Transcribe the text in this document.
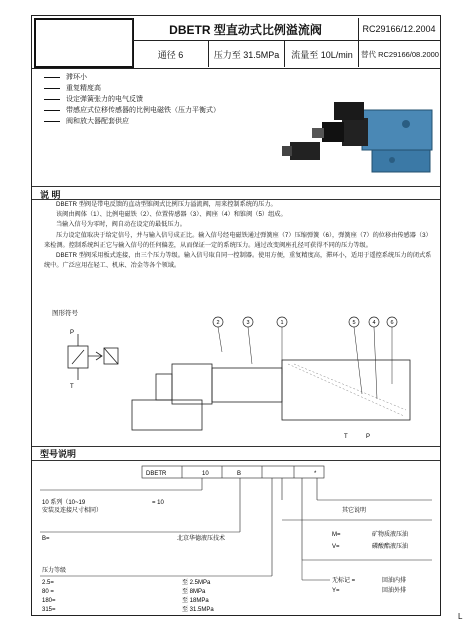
DBETR 型直动式比例溢流阀	RC29166/12.2004
通径 6	压力至 31.5MPa	流量至 10L/min	替代 RC29166/08.2000
滞环小
重复精度高
设定弹簧张力的电气反馈
带感应式位移传感器的比例电磁铁（压力平衡式）
阀和放大器配套供应
说 明

DBETR 型阀是带电反馈的直动型锥阀式比例压力溢流阀，用来控制系统的压力。

该阀由阀体（1）、比例电磁铁（2）、位置传感器（3）、阀座（4）和锥阀（5）组成。

当输入信号为零时，阀自动在设定的最低压力。

压力设定值取决于给定信号，并与输入信号成正比。输入信号经电磁铁通过弹簧座（7）压缩弹簧（6），弹簧座（7）的位移由传感器（3）来检测。控制系统纠正它与输入信号的任何偏差，从而保证一定的系统压力。通过改变阀座孔径可获得不同的压力等级。

DBETR 型阀采用板式连接，由三个压力等级。输入信号取自同一控制器。使用方便，重复精度高，滞环小，适用于遥控系统压力的闭式系统中。广泛应用在轻工、机床、冶金等各个领域。

图形符号
P
T
2	3	1	5	4	6
T	P
型号说明
DBETR	10	B	*
10 系列（10~19
安装及连接尺寸相同）
= 10
其它说明
B=	北京华德液压技术
M=	矿物质液压油
V=	磷酸酯液压油
压力等级
2.5=	至 2.5MPa
80 =	至 8MPa
180=	至 18MPa
315=	至 31.5MPa
无标记 =	回油内排
Y=	回油外排
L
